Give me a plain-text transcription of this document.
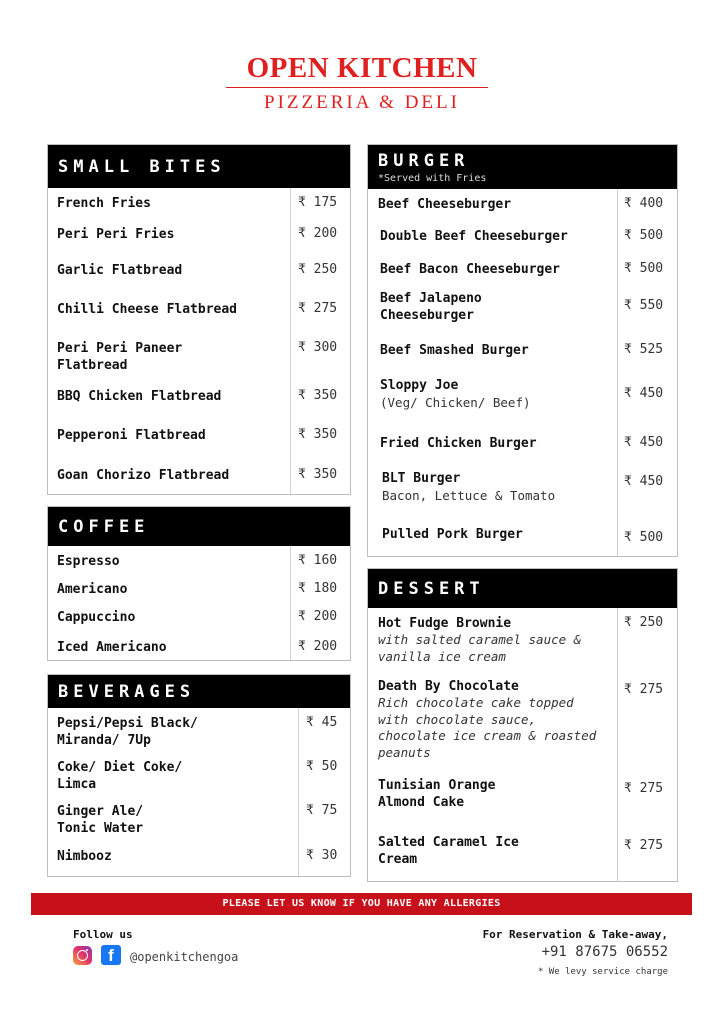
OPEN KITCHEN
PIZZERIA & DELI
SMALL BITES
French Fries	₹ 175
Peri Peri Fries	₹ 200
Garlic Flatbread	₹ 250
Chilli Cheese Flatbread	₹ 275
Peri Peri Paneer Flatbread
₹ 300
BBQ Chicken Flatbread	₹ 350
Pepperoni Flatbread	₹ 350
Goan Chorizo Flatbread	₹ 350
COFFEE
Espresso	₹ 160
Americano	₹ 180
Cappuccino	₹ 200
Iced Americano	₹ 200
BEVERAGES
Pepsi/Pepsi Black/ Miranda/ 7Up
₹ 45
Coke/ Diet Coke/ Limca
₹ 50
Ginger Ale/ Tonic Water
₹ 75
Nimbooz	₹ 30
BURGER
*Served with Fries
Beef Cheeseburger	₹ 400
Double Beef Cheeseburger	₹ 500
Beef Bacon Cheeseburger	₹ 500
Beef Jalapeno Cheeseburger
₹ 550
Beef Smashed Burger	₹ 525
Sloppy Joe
(Veg/ Chicken/ Beef)
₹ 450
Fried Chicken Burger	₹ 450
BLT Burger
Bacon, Lettuce & Tomato
₹ 450
Pulled Pork Burger	₹ 500
DESSERT
Hot Fudge Brownie
with salted caramel sauce & vanilla ice cream
₹ 250
Death By Chocolate
Rich chocolate cake topped with chocolate sauce, chocolate ice cream & roasted peanuts
₹ 275
Tunisian Orange Almond Cake
₹ 275
Salted Caramel Ice Cream
₹ 275
PLEASE LET US KNOW IF YOU HAVE ANY ALLERGIES
Follow us
f	@openkitchengoa
For Reservation & Take-away,
+91 87675 06552
* We levy service charge
